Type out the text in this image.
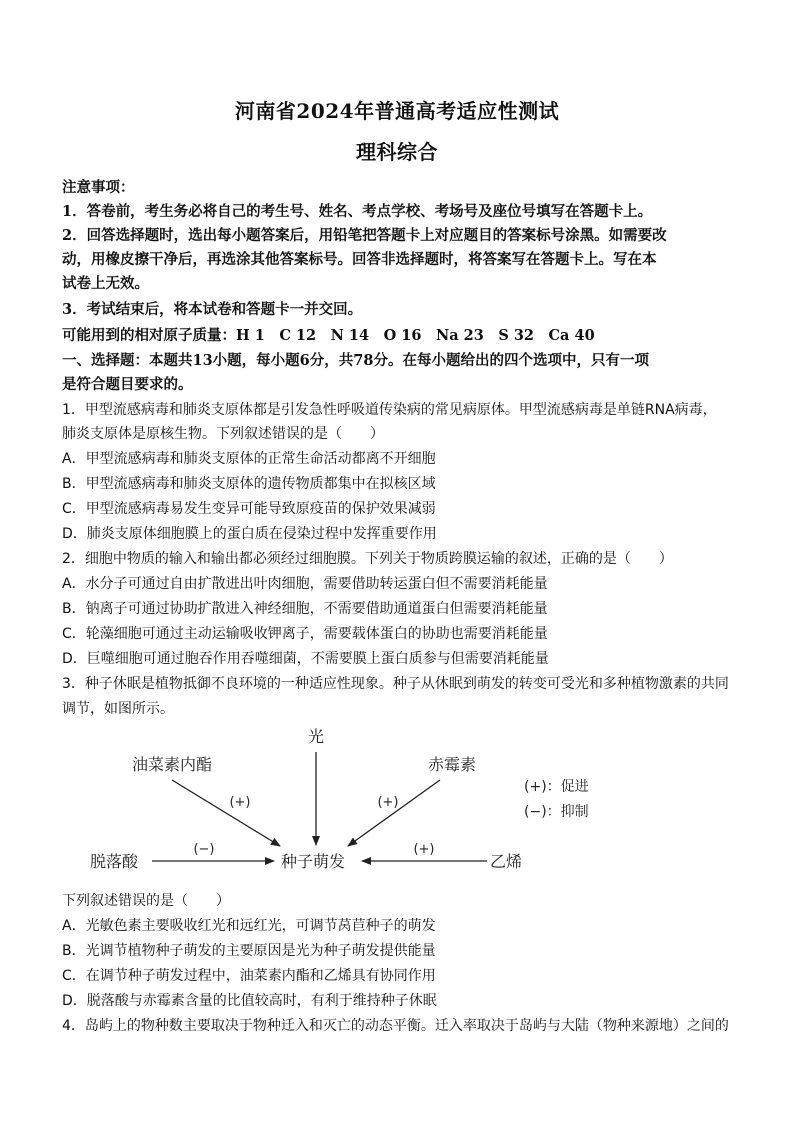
河南省2024年普通高考适应性测试
理科综合
注意事项：
1．答卷前，考生务必将自己的考生号、姓名、考点学校、考场号及座位号填写在答题卡上。
2．回答选择题时，选出每小题答案后，用铅笔把答题卡上对应题目的答案标号涂黑。如需要改
动，用橡皮擦干净后，再选涂其他答案标号。回答非选择题时，将答案写在答题卡上。写在本
试卷上无效。
3．考试结束后，将本试卷和答题卡一并交回。
可能用到的相对原子质量：H 1　C 12　N 14　O 16　Na 23　S 32　Ca 40
一、选择题：本题共13小题，每小题6分，共78分。在每小题给出的四个选项中，只有一项
是符合题目要求的。
1．甲型流感病毒和肺炎支原体都是引发急性呼吸道传染病的常见病原体。甲型流感病毒是单链RNA病毒，
肺炎支原体是原核生物。下列叙述错误的是（　　）
A．甲型流感病毒和肺炎支原体的正常生命活动都离不开细胞
B．甲型流感病毒和肺炎支原体的遗传物质都集中在拟核区域
C．甲型流感病毒易发生变异可能导致原疫苗的保护效果减弱
D．肺炎支原体细胞膜上的蛋白质在侵染过程中发挥重要作用
2．细胞中物质的输入和输出都必须经过细胞膜。下列关于物质跨膜运输的叙述，正确的是（　　）
A．水分子可通过自由扩散进出叶肉细胞，需要借助转运蛋白但不需要消耗能量
B．钠离子可通过协助扩散进入神经细胞，不需要借助通道蛋白但需要消耗能量
C．轮藻细胞可通过主动运输吸收钾离子，需要载体蛋白的协助也需要消耗能量
D．巨噬细胞可通过胞吞作用吞噬细菌，不需要膜上蛋白质参与但需要消耗能量
3．种子休眠是植物抵御不良环境的一种适应性现象。种子从休眠到萌发的转变可受光和多种植物激素的共同
调节，如图所示。
光
油菜素内酯	赤霉素
脱落酸	种子萌发	乙烯
(+)：促进
(−)：抑制
(+)	(+)
(−)	(+)
下列叙述错误的是（　　）
A．光敏色素主要吸收红光和远红光，可调节莴苣种子的萌发
B．光调节植物种子萌发的主要原因是光为种子萌发提供能量
C．在调节种子萌发过程中，油菜素内酯和乙烯具有协同作用
D．脱落酸与赤霉素含量的比值较高时，有利于维持种子休眠
4．岛屿上的物种数主要取决于物种迁入和灭亡的动态平衡。迁入率取决于岛屿与大陆（物种来源地）之间的
